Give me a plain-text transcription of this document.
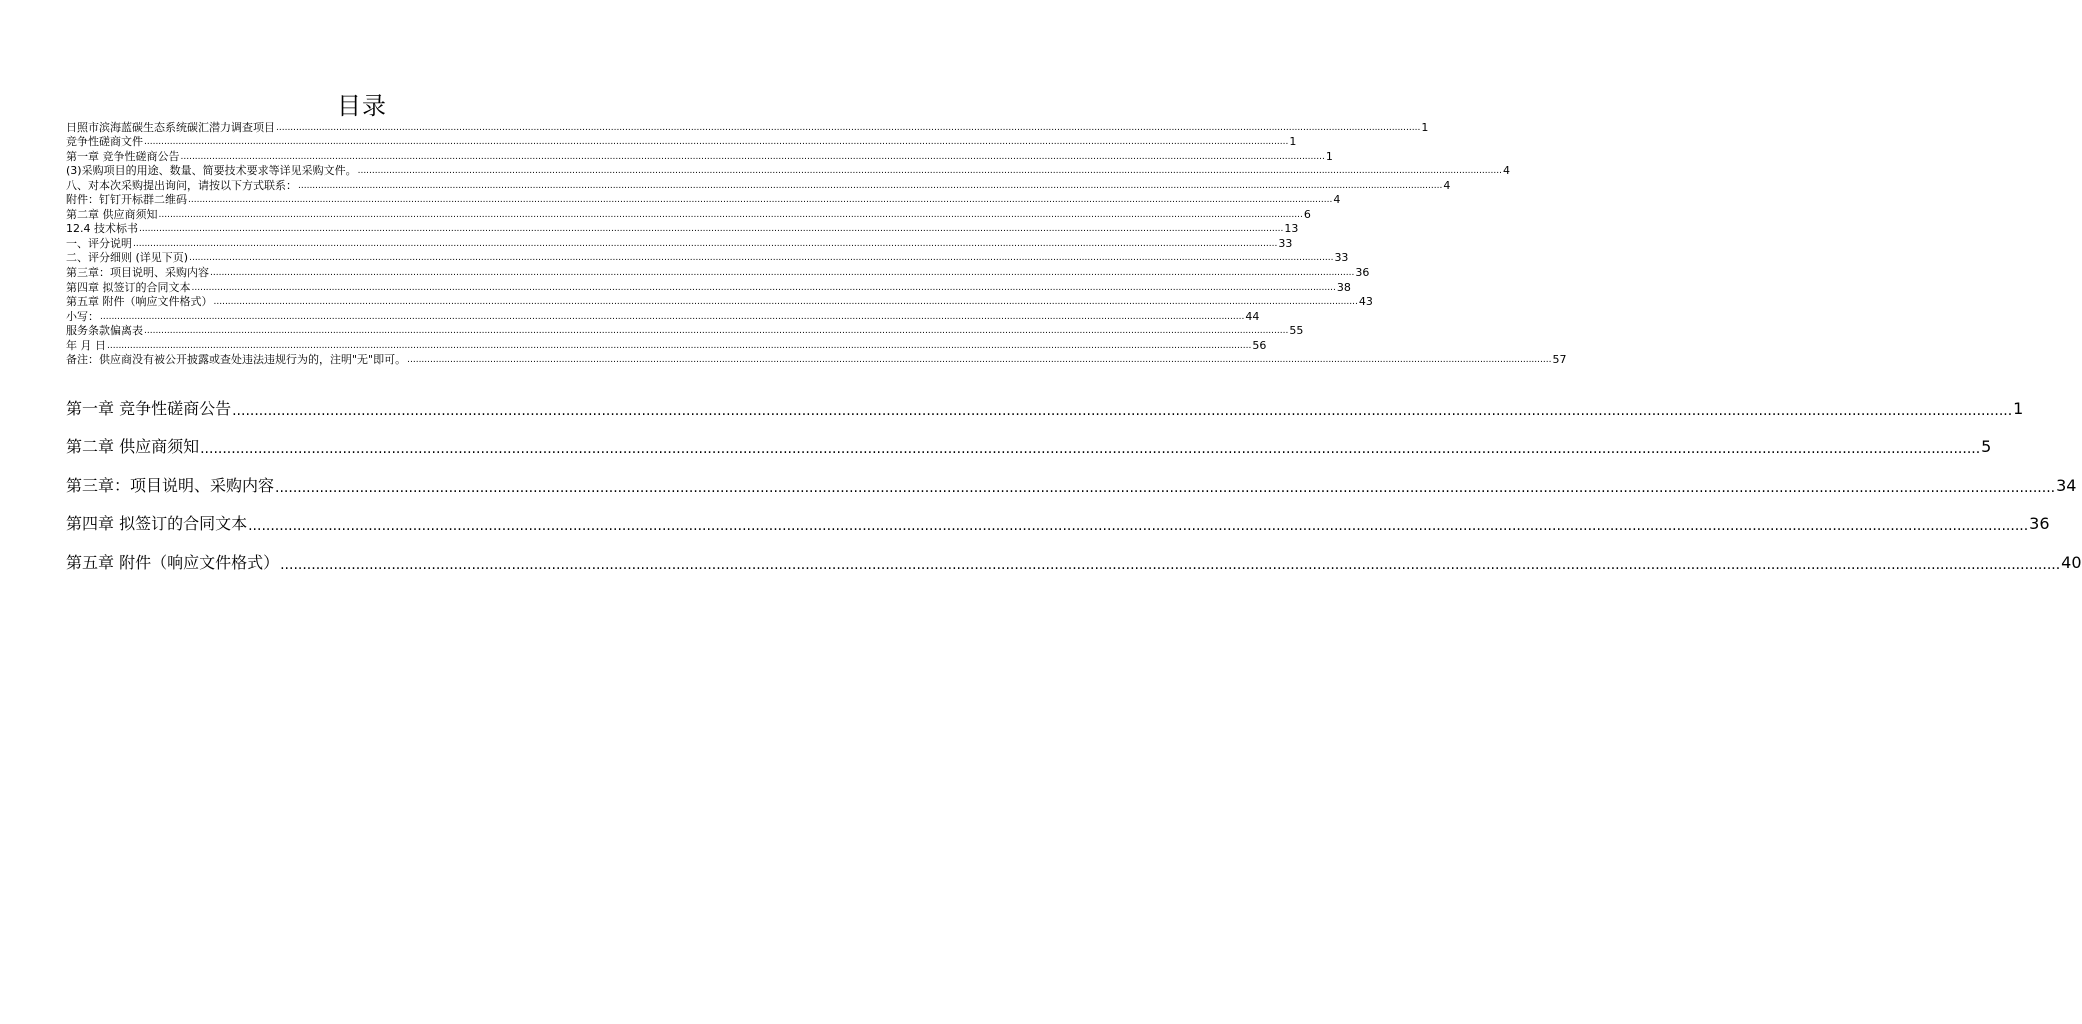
目录
日照市滨海蓝碳生态系统碳汇潜力调查项目 ................................................................................................................................................................................................................................................................................................................................................................................................................ 1
竞争性磋商文件 ................................................................................................................................................................................................................................................................................................................................................................................................................ 1
第一章 竞争性磋商公告 ................................................................................................................................................................................................................................................................................................................................................................................................................ 1
(3)采购项目的用途、数量、简要技术要求等详见采购文件。 ................................................................................................................................................................................................................................................................................................................................................................................................................ 4
八、对本次采购提出询问，请按以下方式联系： ................................................................................................................................................................................................................................................................................................................................................................................................................ 4
附件：钉钉开标群二维码 ................................................................................................................................................................................................................................................................................................................................................................................................................ 4
第二章 供应商须知 ................................................................................................................................................................................................................................................................................................................................................................................................................ 6
12.4 技术标书 ................................................................................................................................................................................................................................................................................................................................................................................................................ 13
一、评分说明 ................................................................................................................................................................................................................................................................................................................................................................................................................ 33
二、评分细则 (详见下页) ................................................................................................................................................................................................................................................................................................................................................................................................................ 33
第三章：项目说明、采购内容 ................................................................................................................................................................................................................................................................................................................................................................................................................ 36
第四章 拟签订的合同文本 ................................................................................................................................................................................................................................................................................................................................................................................................................ 38
第五章 附件（响应文件格式） ................................................................................................................................................................................................................................................................................................................................................................................................................ 43
小写： ................................................................................................................................................................................................................................................................................................................................................................................................................ 44
服务条款偏离表 ................................................................................................................................................................................................................................................................................................................................................................................................................ 55
年 月 日 ................................................................................................................................................................................................................................................................................................................................................................................................................ 56
备注：供应商没有被公开披露或查处违法违规行为的，注明"无"即可。 ................................................................................................................................................................................................................................................................................................................................................................................................................ 57
第一章 竞争性磋商公告 ................................................................................................................................................................................................................................................................................................................................................................................................................ 1
第二章 供应商须知 ................................................................................................................................................................................................................................................................................................................................................................................................................ 5
第三章：项目说明、采购内容 ................................................................................................................................................................................................................................................................................................................................................................................................................ 34
第四章 拟签订的合同文本 ................................................................................................................................................................................................................................................................................................................................................................................................................ 36
第五章 附件（响应文件格式） ................................................................................................................................................................................................................................................................................................................................................................................................................ 40
